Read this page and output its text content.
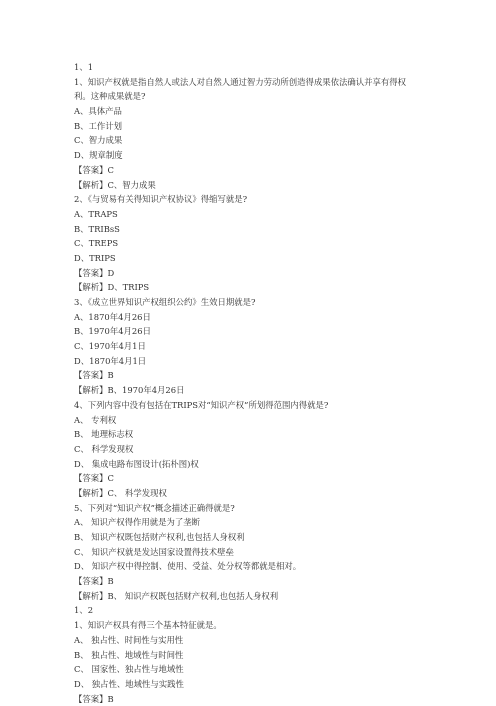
1、1
1、知识产权就是指自然人或法人对自然人通过智力劳动所创造得成果依法确认并享有得权
利。这种成果就是?
A、具体产品
B、工作计划
C、智力成果
D、规章制度
【答案】C
【解析】C、智力成果
2、《与贸易有关得知识产权协议》得缩写就是?
A、TRAPS
B、TRIBsS
C、TREPS
D、TRIPS
【答案】D
【解析】D、TRIPS
3、《成立世界知识产权组织公约》生效日期就是?
A、1870年4月26日
B、1970年4月26日
C、1970年4月1日
D、1870年4月1日
【答案】B
【解析】B、1970年4月26日
4、下列内容中没有包括在TRIPS对“知识产权”所划得范围内得就是?
A、 专利权
B、 地理标志权
C、 科学发现权
D、 集成电路布图设计(拓朴图)权
【答案】C
【解析】C、 科学发现权
5、下列对“知识产权”概念描述正确得就是?
A、 知识产权得作用就是为了垄断
B、 知识产权既包括财产权利,也包括人身权利
C、 知识产权就是发达国家设置得技术壁垒
D、 知识产权中得控制、使用、受益、处分权等都就是相对。
【答案】B
【解析】B、 知识产权既包括财产权利,也包括人身权利
1、2
1、知识产权具有得三个基本特征就是。
A、 独占性、时间性与实用性
B、 独占性、地域性与时间性
C、 国家性、独占性与地域性
D、 独占性、地域性与实践性
【答案】B
